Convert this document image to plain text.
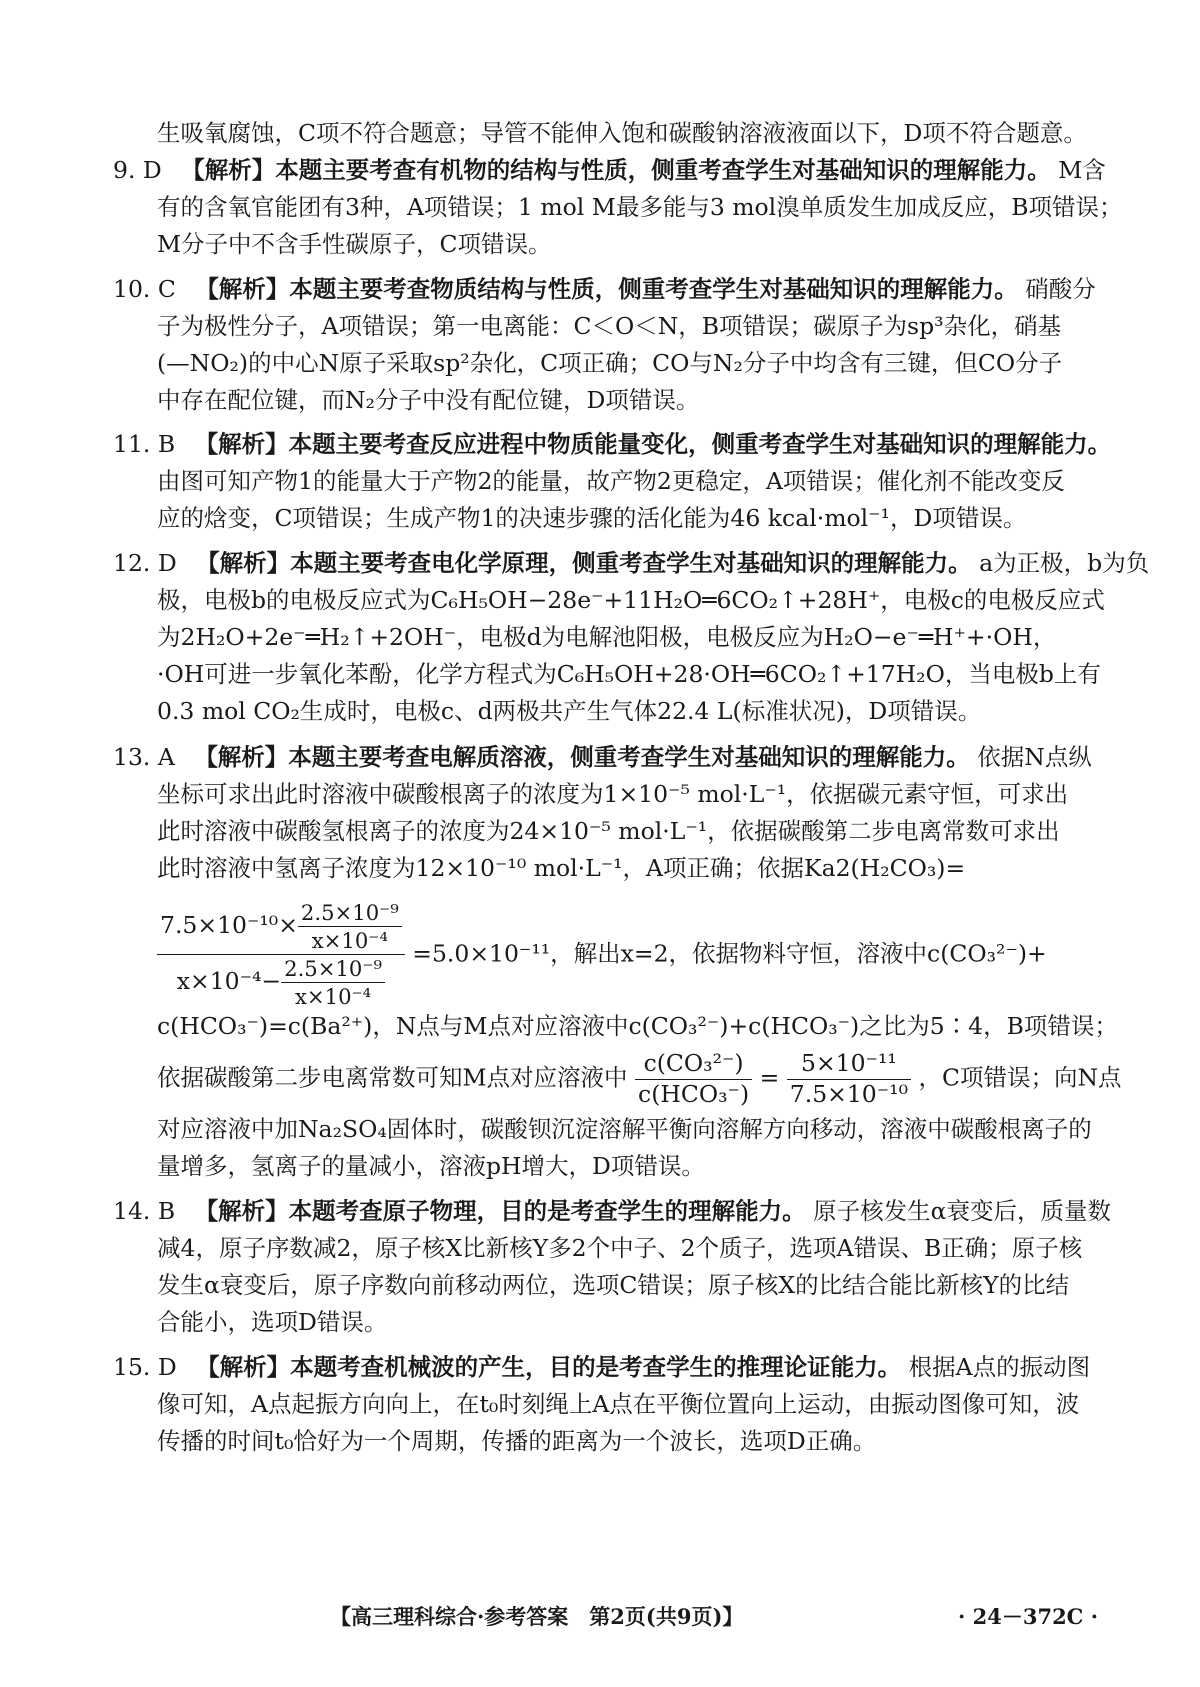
生吸氧腐蚀，C项不符合题意；导管不能伸入饱和碳酸钠溶液液面以下，D项不符合题意。
9. D 【解析】本题主要考查有机物的结构与性质，侧重考查学生对基础知识的理解能力。 M含
有的含氧官能团有3种，A项错误；1 mol M最多能与3 mol溴单质发生加成反应，B项错误；
M分子中不含手性碳原子，C项错误。
10. C 【解析】本题主要考查物质结构与性质，侧重考查学生对基础知识的理解能力。 硝酸分
子为极性分子，A项错误；第一电离能：C＜O＜N，B项错误；碳原子为sp³杂化，硝基
(—NO₂)的中心N原子采取sp²杂化，C项正确；CO与N₂分子中均含有三键，但CO分子
中存在配位键，而N₂分子中没有配位键，D项错误。
11. B 【解析】本题主要考查反应进程中物质能量变化，侧重考查学生对基础知识的理解能力。
由图可知产物1的能量大于产物2的能量，故产物2更稳定，A项错误；催化剂不能改变反
应的焓变，C项错误；生成产物1的决速步骤的活化能为46 kcal·mol⁻¹，D项错误。
12. D 【解析】本题主要考查电化学原理，侧重考查学生对基础知识的理解能力。 a为正极，b为负
极，电极b的电极反应式为C₆H₅OH−28e⁻+11H₂O═6CO₂↑+28H⁺，电极c的电极反应式
为2H₂O+2e⁻═H₂↑+2OH⁻，电极d为电解池阳极，电极反应为H₂O−e⁻═H⁺+·OH，
·OH可进一步氧化苯酚，化学方程式为C₆H₅OH+28·OH═6CO₂↑+17H₂O，当电极b上有
0.3 mol CO₂生成时，电极c、d两极共产生气体22.4 L(标准状况)，D项错误。
13. A 【解析】本题主要考查电解质溶液，侧重考查学生对基础知识的理解能力。 依据N点纵
坐标可求出此时溶液中碳酸根离子的浓度为1×10⁻⁵ mol·L⁻¹，依据碳元素守恒，可求出
此时溶液中碳酸氢根离子的浓度为24×10⁻⁵ mol·L⁻¹，依据碳酸第二步电离常数可求出
此时溶液中氢离子浓度为12×10⁻¹⁰ mol·L⁻¹，A项正确；依据Ka2(H₂CO₃)=
$\frac{7.5\times 10^{-10}\times \frac{\text{2.5×10⁻⁹}}{\text{x×10⁻⁴}}}{x\times 10^{-4}- \frac{\text{2.5×10⁻⁹}}{\text{x×10⁻⁴}}} =5.0\times 10^{-11}$，解出x=2，依据物料守恒，溶液中c(CO₃²⁻)+
c(HCO₃⁻)=c(Ba²⁺)，N点与M点对应溶液中c(CO₃²⁻)+c(HCO₃⁻)之比为5∶4，B项错误；
依据碳酸第二步电离常数可知M点对应溶液中 $\frac{\text{c(CO₃²⁻)}}{\text{c(HCO₃⁻)}} = \frac{\text{5×10⁻¹¹}}{\text{7.5×10⁻¹⁰}}$ ，C项错误；向N点
对应溶液中加Na₂SO₄固体时，碳酸钡沉淀溶解平衡向溶解方向移动，溶液中碳酸根离子的
量增多，氢离子的量减小，溶液pH增大，D项错误。
14. B 【解析】本题考查原子物理，目的是考查学生的理解能力。 原子核发生α衰变后，质量数
减4，原子序数减2，原子核X比新核Y多2个中子、2个质子，选项A错误、B正确；原子核
发生α衰变后，原子序数向前移动两位，选项C错误；原子核X的比结合能比新核Y的比结
合能小，选项D错误。
15. D 【解析】本题考查机械波的产生，目的是考查学生的推理论证能力。 根据A点的振动图
像可知，A点起振方向向上，在t₀时刻绳上A点在平衡位置向上运动，由振动图像可知，波
传播的时间t₀恰好为一个周期，传播的距离为一个波长，选项D正确。
【高三理科综合·参考答案　第2页(共9页)】	· 24－372C ·
